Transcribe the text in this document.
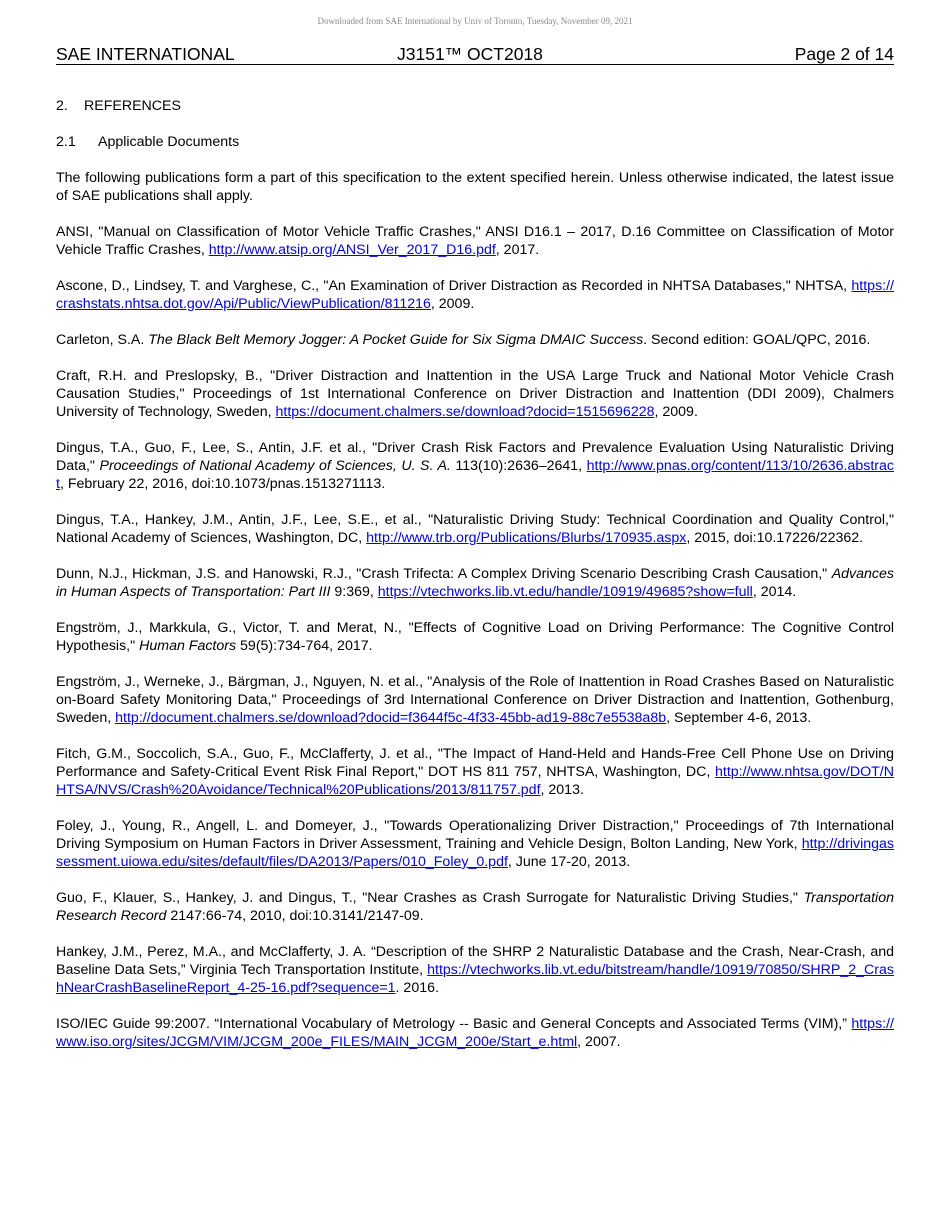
Downloaded from SAE International by Univ of Toronto, Tuesday, November 09, 2021
SAE INTERNATIONAL	J3151™ OCT2018	Page 2 of 14
2. REFERENCES
2.1 Applicable Documents

The following publications form a part of this specification to the extent specified herein. Unless otherwise indicated, the latest issue of SAE publications shall apply.

ANSI, "Manual on Classification of Motor Vehicle Traffic Crashes," ANSI D16.1 – 2017, D.16 Committee on Classification of Motor Vehicle Traffic Crashes, http://www.atsip.org/ANSI_Ver_2017_D16.pdf, 2017.

Ascone, D., Lindsey, T. and Varghese, C., "An Examination of Driver Distraction as Recorded in NHTSA Databases," NHTSA, https://crashstats.nhtsa.dot.gov/Api/Public/ViewPublication/811216, 2009.

Carleton, S.A. The Black Belt Memory Jogger: A Pocket Guide for Six Sigma DMAIC Success. Second edition: GOAL/QPC, 2016.

Craft, R.H. and Preslopsky, B., "Driver Distraction and Inattention in the USA Large Truck and National Motor Vehicle Crash Causation Studies," Proceedings of 1st International Conference on Driver Distraction and Inattention (DDI 2009), Chalmers University of Technology, Sweden, https://document.chalmers.se/download?docid=1515696228, 2009.

Dingus, T.A., Guo, F., Lee, S., Antin, J.F. et al., "Driver Crash Risk Factors and Prevalence Evaluation Using Naturalistic Driving Data," Proceedings of National Academy of Sciences, U. S. A. 113(10):2636–2641, http://www.pnas.org/content/113/10/2636.abstract, February 22, 2016, doi:10.1073/pnas.1513271113.

Dingus, T.A., Hankey, J.M., Antin, J.F., Lee, S.E., et al., "Naturalistic Driving Study: Technical Coordination and Quality Control," National Academy of Sciences, Washington, DC, http://www.trb.org/Publications/Blurbs/170935.aspx, 2015, doi:10.17226/22362.

Dunn, N.J., Hickman, J.S. and Hanowski, R.J., "Crash Trifecta: A Complex Driving Scenario Describing Crash Causation," Advances in Human Aspects of Transportation: Part III 9:369, https://vtechworks.lib.vt.edu/handle/10919/49685?show=full, 2014.

Engström, J., Markkula, G., Victor, T. and Merat, N., "Effects of Cognitive Load on Driving Performance: The Cognitive Control Hypothesis," Human Factors 59(5):734-764, 2017.

Engström, J., Werneke, J., Bärgman, J., Nguyen, N. et al., "Analysis of the Role of Inattention in Road Crashes Based on Naturalistic on-Board Safety Monitoring Data," Proceedings of 3rd International Conference on Driver Distraction and Inattention, Gothenburg, Sweden, http://document.chalmers.se/download?docid=f3644f5c-4f33-45bb-ad19-88c7e5538a8b, September 4-6, 2013.

Fitch, G.M., Soccolich, S.A., Guo, F., McClafferty, J. et al., "The Impact of Hand-Held and Hands-Free Cell Phone Use on Driving Performance and Safety-Critical Event Risk Final Report," DOT HS 811 757, NHTSA, Washington, DC, http://www.nhtsa.gov/DOT/NHTSA/NVS/Crash%20Avoidance/Technical%20Publications/2013/811757.pdf, 2013.

Foley, J., Young, R., Angell, L. and Domeyer, J., "Towards Operationalizing Driver Distraction," Proceedings of 7th International Driving Symposium on Human Factors in Driver Assessment, Training and Vehicle Design, Bolton Landing, New York, http://drivingassessment.uiowa.edu/sites/default/files/DA2013/Papers/010_Foley_0.pdf, June 17-20, 2013.

Guo, F., Klauer, S., Hankey, J. and Dingus, T., "Near Crashes as Crash Surrogate for Naturalistic Driving Studies," Transportation Research Record 2147:66-74, 2010, doi:10.3141/2147-09.

Hankey, J.M., Perez, M.A., and McClafferty, J. A. “Description of the SHRP 2 Naturalistic Database and the Crash, Near-Crash, and Baseline Data Sets,” Virginia Tech Transportation Institute, https://vtechworks.lib.vt.edu/bitstream/handle/10919/70850/SHRP_2_CrashNearCrashBaselineReport_4-25-16.pdf?sequence=1. 2016.

ISO/IEC Guide 99:2007. “International Vocabulary of Metrology -- Basic and General Concepts and Associated Terms (VIM),” https://www.iso.org/sites/JCGM/VIM/JCGM_200e_FILES/MAIN_JCGM_200e/Start_e.html, 2007.
